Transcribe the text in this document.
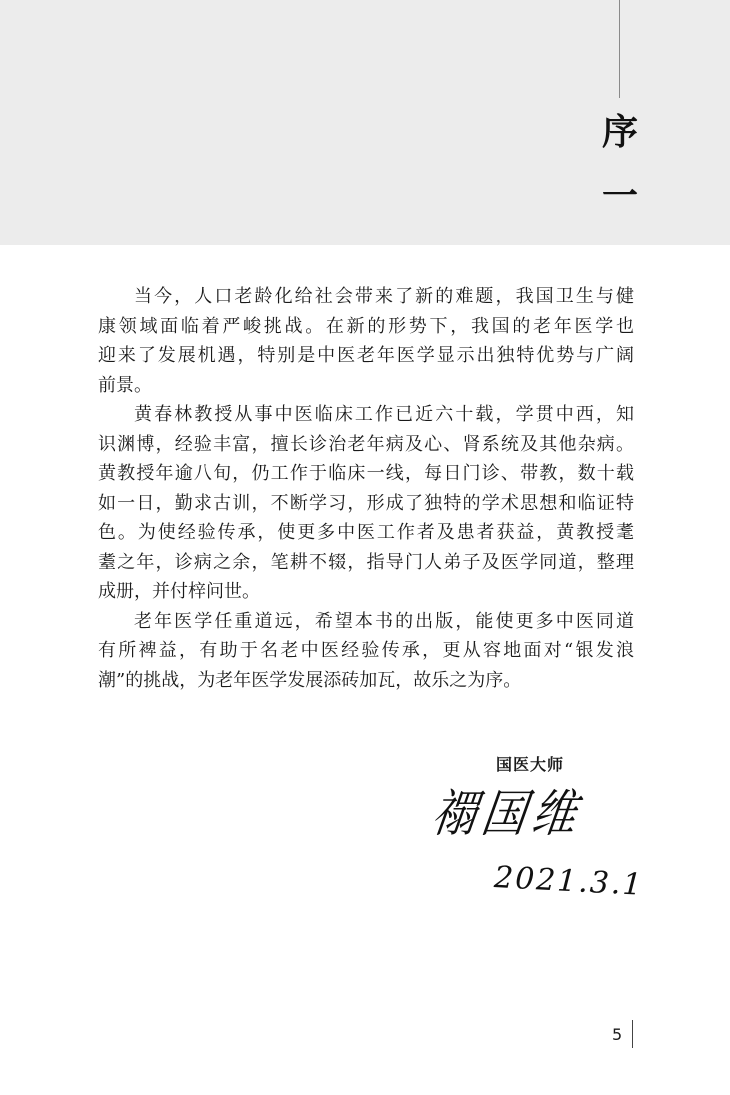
序
一
当今，人口老龄化给社会带来了新的难题，我国卫生与健
康领域面临着严峻挑战。在新的形势下，我国的老年医学也
迎来了发展机遇，特别是中医老年医学显示出独特优势与广阔
前景。
黄春林教授从事中医临床工作已近六十载，学贯中西，知
识渊博，经验丰富，擅长诊治老年病及心、肾系统及其他杂病。
黄教授年逾八旬，仍工作于临床一线，每日门诊、带教，数十载
如一日，勤求古训，不断学习，形成了独特的学术思想和临证特
色。为使经验传承，使更多中医工作者及患者获益，黄教授耄
耋之年，诊病之余，笔耕不辍，指导门人弟子及医学同道，整理
成册，并付梓问世。
老年医学任重道远，希望本书的出版，能使更多中医同道
有所裨益，有助于名老中医经验传承，更从容地面对“银发浪
潮”的挑战，为老年医学发展添砖加瓦，故乐之为序。
国医大师
禤国维
2021.3.1
5
